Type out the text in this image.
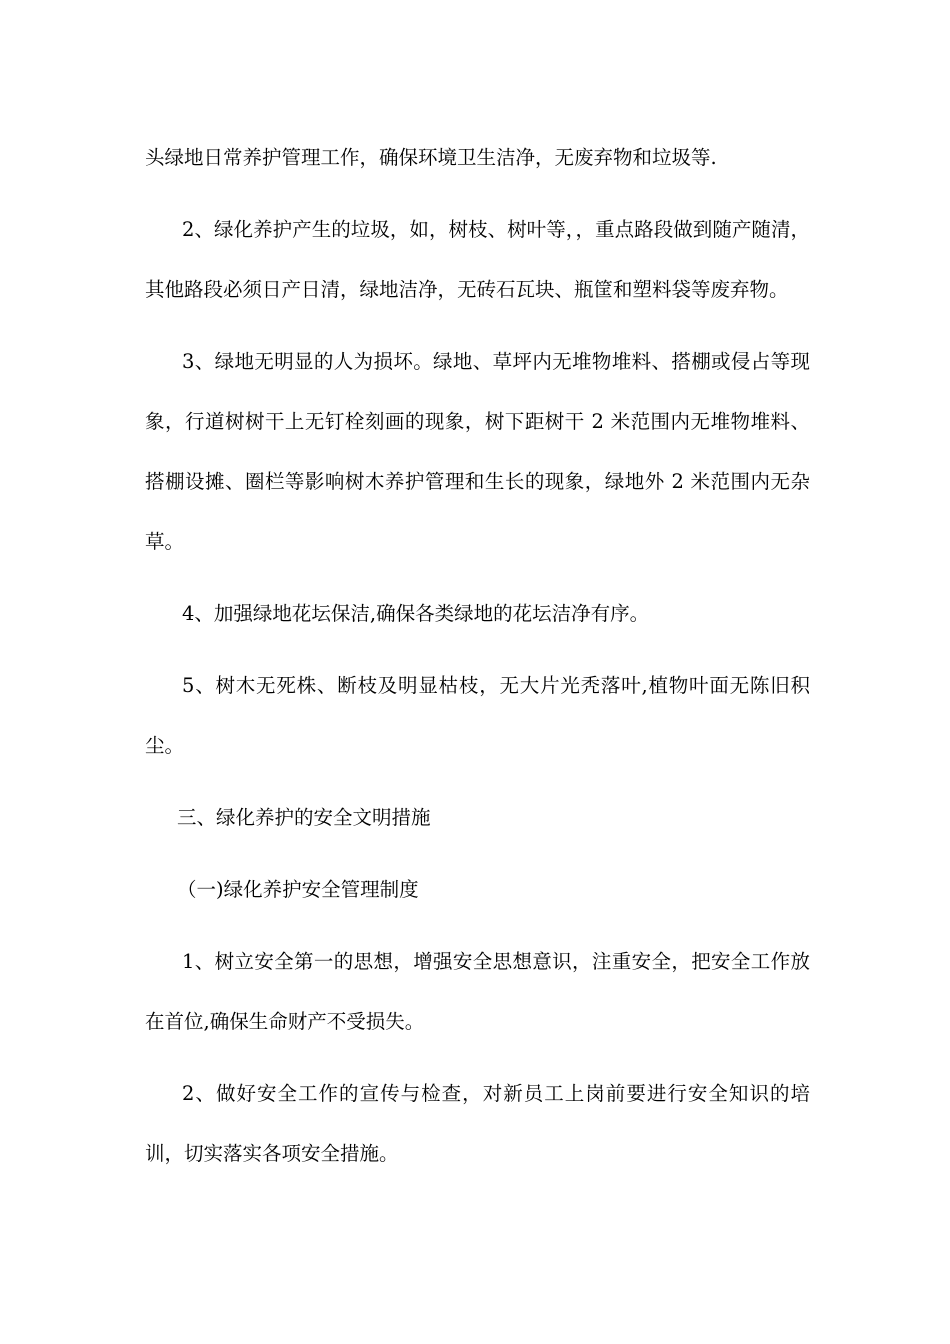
头绿地日常养护管理工作，确保环境卫生洁净，无废弃物和垃圾等.

2、绿化养护产生的垃圾，如，树枝、树叶等，，重点路段做到随产随清，其他路段必须日产日清，绿地洁净，无砖石瓦块、瓶筐和塑料袋等废弃物。

3、绿地无明显的人为损坏。绿地、草坪内无堆物堆料、搭棚或侵占等现象，行道树树干上无钉栓刻画的现象，树下距树干 2 米范围内无堆物堆料、搭棚设摊、圈栏等影响树木养护管理和生长的现象，绿地外 2 米范围内无杂草。

4、加强绿地花坛保洁,确保各类绿地的花坛洁净有序。

5、树木无死株、断枝及明显枯枝，无大片光秃落叶,植物叶面无陈旧积尘。

三、绿化养护的安全文明措施

（一)绿化养护安全管理制度

1、树立安全第一的思想，增强安全思想意识，注重安全，把安全工作放在首位,确保生命财产不受损失。

2、做好安全工作的宣传与检查，对新员工上岗前要进行安全知识的培训，切实落实各项安全措施。
